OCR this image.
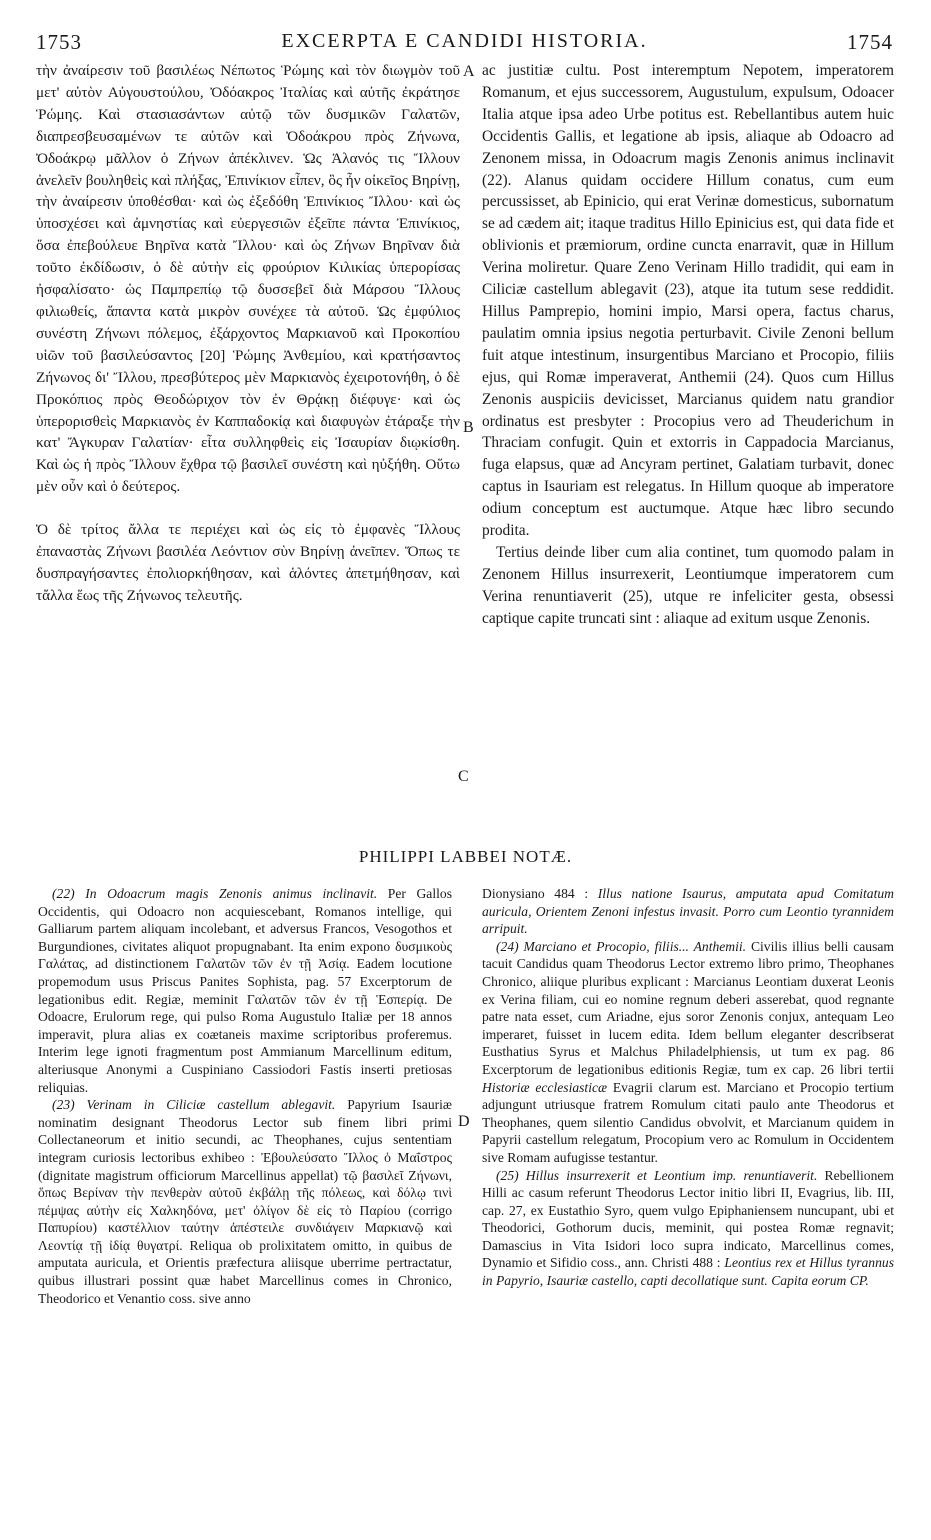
1753	EXCERPTA E CANDIDI HISTORIA.	1754

τὴν ἀναίρεσιν τοῦ βασιλέως Νέπωτος Ῥώμης καὶ τὸν διωγμὸν τοῦ μετ' αὐτὸν Αὐγουστούλου, Ὀδόακρος Ἰταλίας καὶ αὐτῆς ἐκράτησε Ῥώμης. Καὶ στασιασάντων αὐτῷ τῶν δυσμικῶν Γαλατῶν, διαπρεσβευσαμένων τε αὐτῶν καὶ Ὀδοάκρου πρὸς Ζήνωνα, Ὀδοάκρῳ μᾶλλον ὁ Ζήνων ἀπέκλινεν. Ὡς Ἀλανός τις Ἴλλουν ἀνελεῖν βουληθεὶς καὶ πλήξας, Ἐπινίκιον εἶπεν, ὃς ἦν οἰκεῖος Βηρίνῃ, τὴν ἀναίρεσιν ὑποθέσθαι· καὶ ὡς ἐξεδόθη Ἐπινίκιος Ἴλλου· καὶ ὡς ὑποσχέσει καὶ ἀμνηστίας καὶ εὐεργεσιῶν ἐξεῖπε πάντα Ἐπινίκιος, ὅσα ἐπεβούλευε Βηρῖνα κατὰ Ἴλλου· καὶ ὡς Ζήνων Βηρῖναν διὰ τοῦτο ἐκδίδωσιν, ὁ δὲ αὐτὴν εἰς φρούριον Κιλικίας ὑπερορίσας ἠσφαλίσατο· ὡς Παμπρεπίῳ τῷ δυσσεβεῖ διὰ Μάρσου Ἴλλους φιλιωθείς, ἅπαντα κατὰ μικρὸν συνέχεε τὰ αὐτοῦ. Ὡς ἐμφύλιος συνέστη Ζήνωνι πόλεμος, ἐξάρχοντος Μαρκιανοῦ καὶ Προκοπίου υἱῶν τοῦ βασιλεύσαντος [20] Ῥώμης Ἀνθεμίου, καὶ κρατήσαντος Ζήνωνος δι' Ἴλλου, πρεσβύτερος μὲν Μαρκιανὸς ἐχειροτονήθη, ὁ δὲ Προκόπιος πρὸς Θεοδώριχον τὸν ἐν Θρᾴκῃ διέφυγε· καὶ ὡς ὑπερορισθεὶς Μαρκιανὸς ἐν Καππαδοκίᾳ καὶ διαφυγὼν ἐτάραξε τὴν κατ' Ἄγκυραν Γαλατίαν· εἶτα συλληφθεὶς εἰς Ἰσαυρίαν διῳκίσθη. Καὶ ὡς ἡ πρὸς Ἴλλουν ἔχθρα τῷ βασιλεῖ συνέστη καὶ ηὐξήθη. Οὕτω μὲν οὖν καὶ ὁ δεύτερος.

Ὁ δὲ τρίτος ἄλλα τε περιέχει καὶ ὡς εἰς τὸ ἐμφανὲς Ἴλλους ἐπαναστὰς Ζήνωνι βασιλέα Λεόντιον σὺν Βηρίνῃ ἀνεῖπεν. Ὅπως τε δυσπραγήσαντες ἐπολιορκήθησαν, καὶ ἁλόντες ἀπετμήθησαν, καὶ τἄλλα ἕως τῆς Ζήνωνος τελευτῆς.

A
B
C
D

ac justitiæ cultu. Post interemptum Nepotem, imperatorem Romanum, et ejus successorem, Augustulum, expulsum, Odoacer Italia atque ipsa adeo Urbe potitus est. Rebellantibus autem huic Occidentis Gallis, et legatione ab ipsis, aliaque ab Odoacro ad Zenonem missa, in Odoacrum magis Zenonis animus inclinavit (22). Alanus quidam occidere Hillum conatus, cum eum percussisset, ab Epinicio, qui erat Verinæ domesticus, subornatum se ad cædem ait; itaque traditus Hillo Epinicius est, qui data fide et oblivionis et præmiorum, ordine cuncta enarravit, quæ in Hillum Verina moliretur. Quare Zeno Verinam Hillo tradidit, qui eam in Ciliciæ castellum ablegavit (23), atque ita tutum sese reddidit. Hillus Pamprepio, homini impio, Marsi opera, factus charus, paulatim omnia ipsius negotia perturbavit. Civile Zenoni bellum fuit atque intestinum, insurgentibus Marciano et Procopio, filiis ejus, qui Romæ imperaverat, Anthemii (24). Quos cum Hillus Zenonis auspiciis devicisset, Marcianus quidem natu grandior ordinatus est presbyter : Procopius vero ad Theuderichum in Thraciam confugit. Quin et extorris in Cappadocia Marcianus, fuga elapsus, quæ ad Ancyram pertinet, Galatiam turbavit, donec captus in Isauriam est relegatus. In Hillum quoque ab imperatore odium conceptum est auctumque. Atque hæc libro secundo prodita.

Tertius deinde liber cum alia continet, tum quomodo palam in Zenonem Hillus insurrexerit, Leontiumque imperatorem cum Verina renuntiaverit (25), utque re infeliciter gesta, obsessi captique capite truncati sint : aliaque ad exitum usque Zenonis.

PHILIPPI LABBEI NOTÆ.

(22) In Odoacrum magis Zenonis animus inclinavit. Per Gallos Occidentis, qui Odoacro non acquiescebant, Romanos intellige, qui Galliarum partem aliquam incolebant, et adversus Francos, Vesogothos et Burgundiones, civitates aliquot propugnabant. Ita enim expono δυσμικοὺς Γαλάτας, ad distinctionem Γαλατῶν τῶν ἐν τῇ Ἀσίᾳ. Eadem locutione propemodum usus Priscus Panites Sophista, pag. 57 Excerptorum de legationibus edit. Regiæ, meminit Γαλατῶν τῶν ἐν τῇ Ἑσπερίᾳ. De Odoacre, Erulorum rege, qui pulso Roma Augustulo Italiæ per 18 annos imperavit, plura alias ex coætaneis maxime scriptoribus proferemus. Interim lege ignoti fragmentum post Ammianum Marcellinum editum, alteriusque Anonymi a Cuspiniano Cassiodori Fastis inserti pretiosas reliquias.

(23) Verinam in Ciliciæ castellum ablegavit. Papyrium Isauriæ nominatim designant Theodorus Lector sub finem libri primi Collectaneorum et initio secundi, ac Theophanes, cujus sententiam integram curiosis lectoribus exhibeo : Ἐβουλεύσατο Ἴλλος ὁ Μαΐστρος (dignitate magistrum officiorum Marcellinus appellat) τῷ βασιλεῖ Ζήνωνι, ὅπως Βερίναν τὴν πενθερὰν αὐτοῦ ἐκβάλῃ τῆς πόλεως, καὶ δόλῳ τινὶ πέμψας αὐτὴν εἰς Χαλκηδόνα, μετ' ὀλίγον δὲ εἰς τὸ Παρίου (corrigo Παπυρίου) καστέλλιον ταύτην ἀπέστειλε συνδιάγειν Μαρκιανῷ καὶ Λεοντίᾳ τῇ ἰδίᾳ θυγατρί. Reliqua ob prolixitatem omitto, in quibus de amputata auricula, et Orientis præfectura aliisque uberrime pertractatur, quibus illustrari possint quæ habet Marcellinus comes in Chronico, Theodorico et Venantio coss. sive anno

Dionysiano 484 : Illus natione Isaurus, amputata apud Comitatum auricula, Orientem Zenoni infestus invasit. Porro cum Leontio tyrannidem arripuit.

(24) Marciano et Procopio, filiis... Anthemii. Civilis illius belli causam tacuit Candidus quam Theodorus Lector extremo libro primo, Theophanes Chronico, aliique pluribus explicant : Marcianus Leontiam duxerat Leonis ex Verina filiam, cui eo nomine regnum deberi asserebat, quod regnante patre nata esset, cum Ariadne, ejus soror Zenonis conjux, antequam Leo imperaret, fuisset in lucem edita. Idem bellum eleganter describserat Eusthatius Syrus et Malchus Philadelphiensis, ut tum ex pag. 86 Excerptorum de legationibus editionis Regiæ, tum ex cap. 26 libri tertii Historiæ ecclesiasticæ Evagrii clarum est. Marciano et Procopio tertium adjungunt utriusque fratrem Romulum citati paulo ante Theodorus et Theophanes, quem silentio Candidus obvolvit, et Marcianum quidem in Papyrii castellum relegatum, Procopium vero ac Romulum in Occidentem sive Romam aufugisse testantur.

(25) Hillus insurrexerit et Leontium imp. renuntiaverit. Rebellionem Hilli ac casum referunt Theodorus Lector initio libri II, Evagrius, lib. III, cap. 27, ex Eustathio Syro, quem vulgo Epiphaniensem nuncupant, ubi et Theodorici, Gothorum ducis, meminit, qui postea Romæ regnavit; Damascius in Vita Isidori loco supra indicato, Marcellinus comes, Dynamio et Sifidio coss., ann. Christi 488 : Leontius rex et Hillus tyrannus in Papyrio, Isauriæ castello, capti decollatique sunt. Capita eorum CP.
